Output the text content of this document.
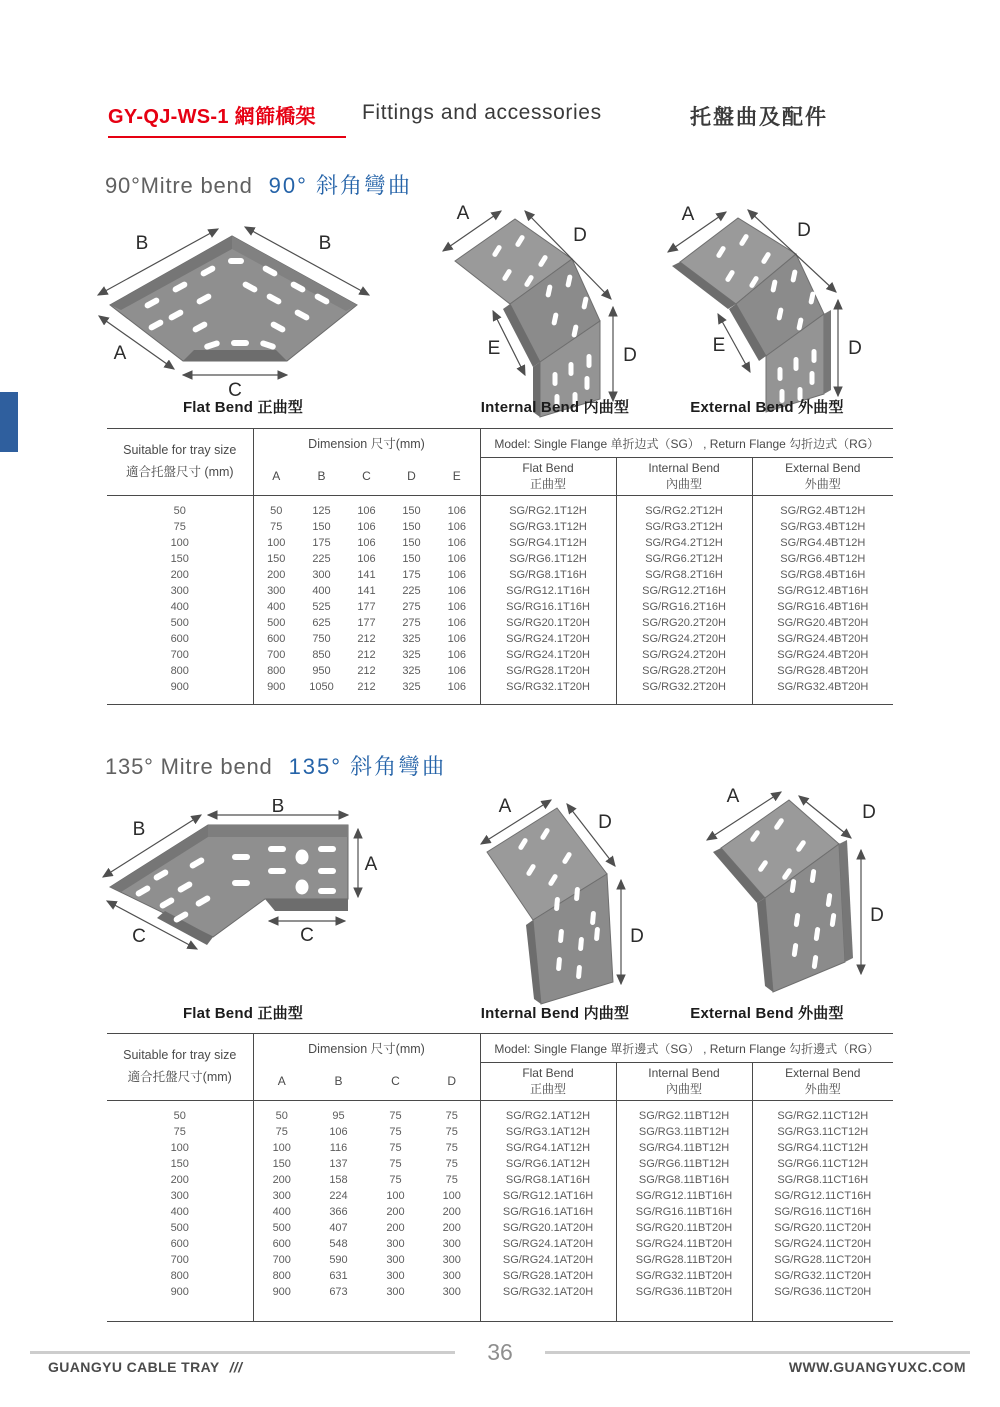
GY-QJ-WS-1 網篩橋架 Fittings and accessories	托盤曲及配件
90°Mitre bend 90° 斜角彎曲
B	B
A
C
A
D
E	D
A
D
E	D
Flat Bend 正曲型	Internal Bend 内曲型	External Bend 外曲型
Suitable for tray size
適合托盤尺寸 (mm)	Dimension 尺寸(mm)					Model: Single Flange 单折边式（SG） , Return Flange 勾折边式（RG）		
A	B	C	D	E	
Flat Bend
正曲型

Internal Bend
內曲型

External Bend
外曲型

50	50	125	106	150	106	SG/RG2.1T12H	SG/RG2.2T12H	SG/RG2.4BT12H
75	75	150	106	150	106	SG/RG3.1T12H	SG/RG3.2T12H	SG/RG3.4BT12H
100	100	175	106	150	106	SG/RG4.1T12H	SG/RG4.2T12H	SG/RG4.4BT12H
150	150	225	106	150	106	SG/RG6.1T12H	SG/RG6.2T12H	SG/RG6.4BT12H
200	200	300	141	175	106	SG/RG8.1T16H	SG/RG8.2T16H	SG/RG8.4BT16H
300	300	400	141	225	106	SG/RG12.1T16H	SG/RG12.2T16H	SG/RG12.4BT16H
400	400	525	177	275	106	SG/RG16.1T16H	SG/RG16.2T16H	SG/RG16.4BT16H
500	500	625	177	275	106	SG/RG20.1T20H	SG/RG20.2T20H	SG/RG20.4BT20H
600	600	750	212	325	106	SG/RG24.1T20H	SG/RG24.2T20H	SG/RG24.4BT20H
700	700	850	212	325	106	SG/RG24.1T20H	SG/RG24.2T20H	SG/RG24.4BT20H
800	800	950	212	325	106	SG/RG28.1T20H	SG/RG28.2T20H	SG/RG28.4BT20H
900	900	1050	212	325	106	SG/RG32.1T20H	SG/RG32.2T20H	SG/RG32.4BT20H
135° Mitre bend 135° 斜角彎曲
B
B
A
C	C
A
D
D
A
D
D
Flat Bend 正曲型	Internal Bend 内曲型	External Bend 外曲型
Suitable for tray size
適合托盤尺寸(mm)	Dimension 尺寸(mm)				Model: Single Flange 單折邊式（SG） , Return Flange 勾折邊式（RG）		
A	B	C	D	
Flat Bend
正曲型

Internal Bend
內曲型

External Bend
外曲型

50	50	95	75	75	SG/RG2.1AT12H	SG/RG2.11BT12H	SG/RG2.11CT12H
75	75	106	75	75	SG/RG3.1AT12H	SG/RG3.11BT12H	SG/RG3.11CT12H
100	100	116	75	75	SG/RG4.1AT12H	SG/RG4.11BT12H	SG/RG4.11CT12H
150	150	137	75	75	SG/RG6.1AT12H	SG/RG6.11BT12H	SG/RG6.11CT12H
200	200	158	75	75	SG/RG8.1AT16H	SG/RG8.11BT16H	SG/RG8.11CT16H
300	300	224	100	100	SG/RG12.1AT16H	SG/RG12.11BT16H	SG/RG12.11CT16H
400	400	366	200	200	SG/RG16.1AT16H	SG/RG16.11BT16H	SG/RG16.11CT16H
500	500	407	200	200	SG/RG20.1AT20H	SG/RG20.11BT20H	SG/RG20.11CT20H
600	600	548	300	300	SG/RG24.1AT20H	SG/RG24.11BT20H	SG/RG24.11CT20H
700	700	590	300	300	SG/RG24.1AT20H	SG/RG28.11BT20H	SG/RG28.11CT20H
800	800	631	300	300	SG/RG28.1AT20H	SG/RG32.11BT20H	SG/RG32.11CT20H
900	900	673	300	300	SG/RG32.1AT20H	SG/RG36.11BT20H	SG/RG36.11CT20H
36
GUANGYU CABLE TRAY ///	WWW.GUANGYUXC.COM
